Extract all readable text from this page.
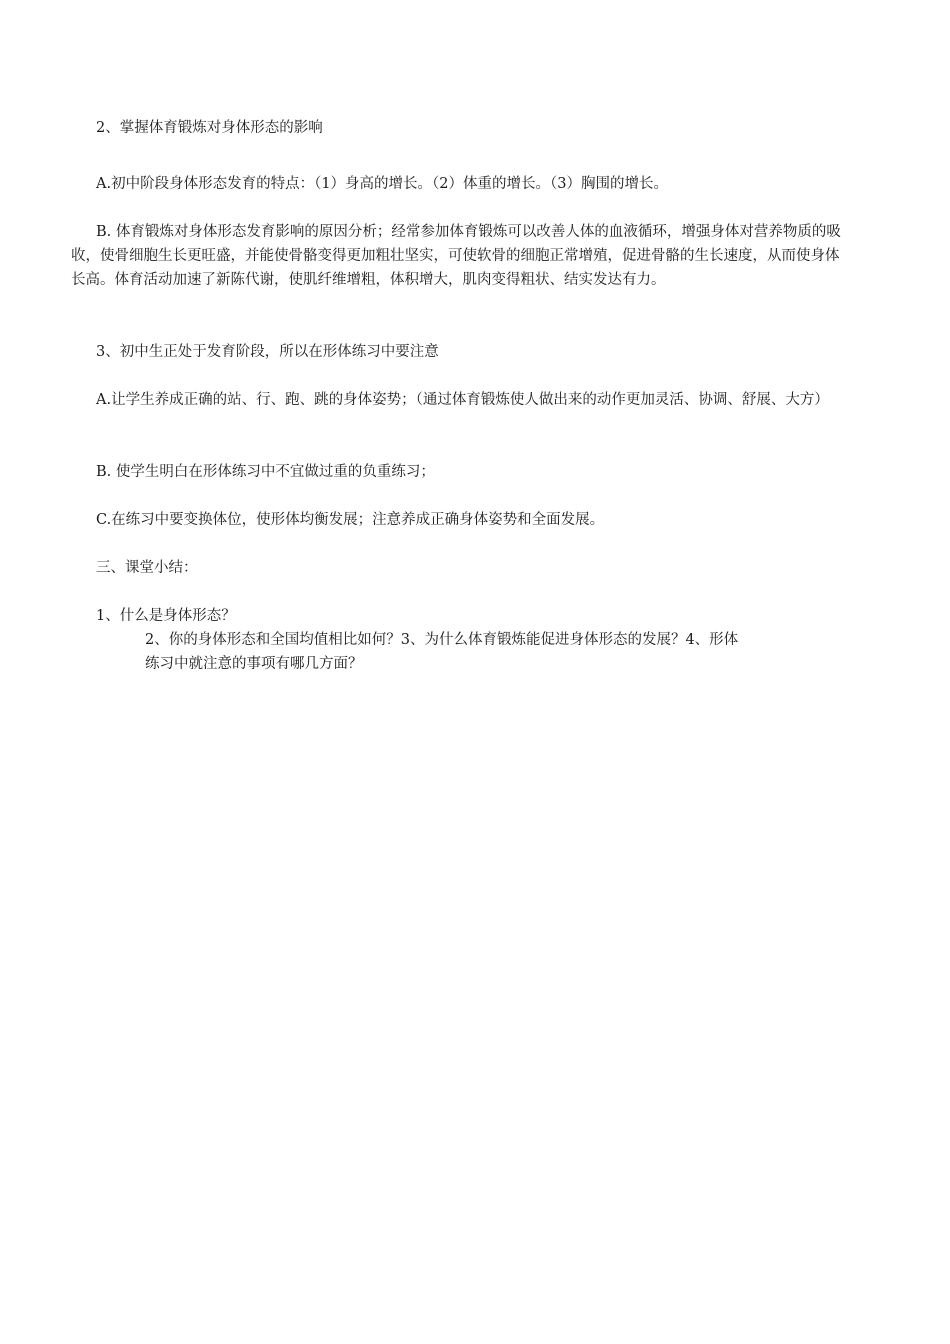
2、掌握体育锻炼对身体形态的影响

A.初中阶段身体形态发育的特点：（1）身高的增长。（2）体重的增长。（3）胸围的增长。

B. 体育锻炼对身体形态发育影响的原因分析；经常参加体育锻炼可以改善人体的血液循环，增强身体对营养物质的吸收，使骨细胞生长更旺盛，并能使骨骼变得更加粗壮坚实，可使软骨的细胞正常增殖，促进骨骼的生长速度，从而使身体长高。体育活动加速了新陈代谢，使肌纤维增粗，体积增大，肌肉变得粗状、结实发达有力。

3、初中生正处于发育阶段，所以在形体练习中要注意

A.让学生养成正确的站、行、跑、跳的身体姿势；（通过体育锻炼使人做出来的动作更加灵活、协调、舒展、大方）

B. 使学生明白在形体练习中不宜做过重的负重练习；

C.在练习中要变换体位，使形体均衡发展；注意养成正确身体姿势和全面发展。

三、课堂小结：

1、什么是身体形态？

2、你的身体形态和全国均值相比如何？3、为什么体育锻炼能促进身体形态的发展？4、形体

练习中就注意的事项有哪几方面？
